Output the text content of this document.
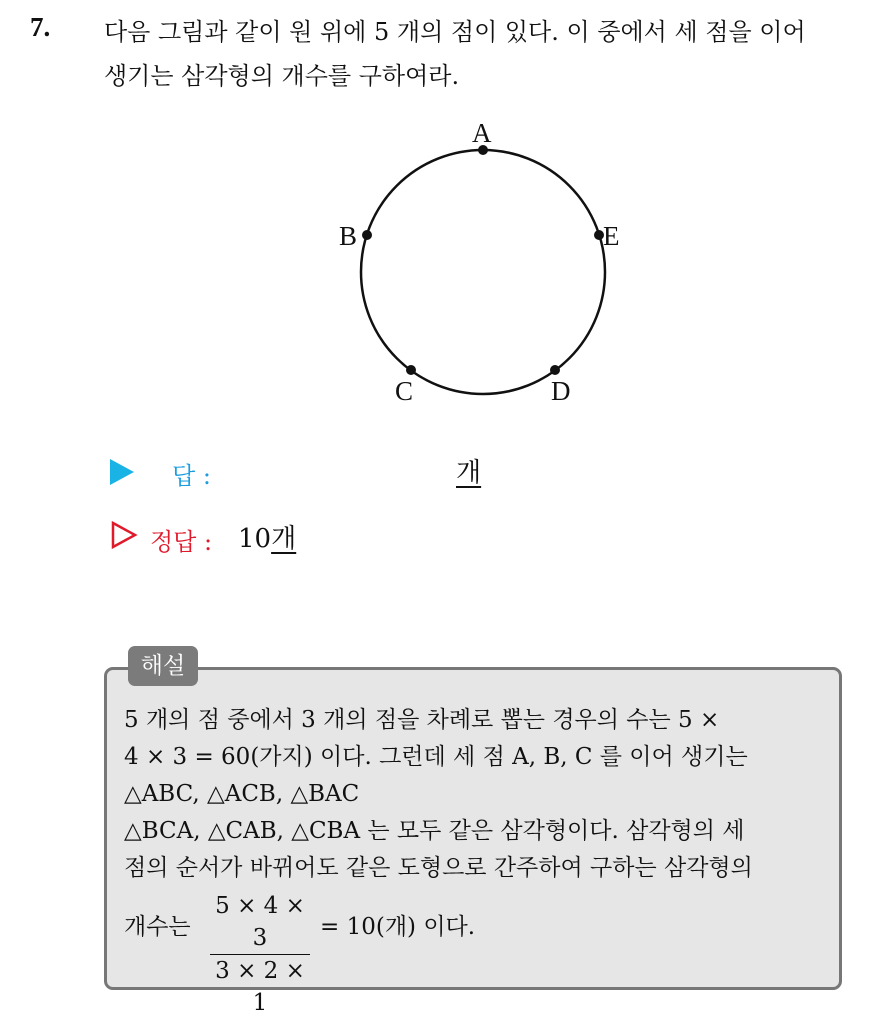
7. 다음 그림과 같이 원 위에 5 개의 점이 있다. 이 중에서 세 점을 이어
생기는 삼각형의 개수를 구하여라.
A
B
C	D
E
답 :	개
정답 : 10개
해설
5 개의 점 중에서 3 개의 점을 차례로 뽑는 경우의 수는 5 ×
4 × 3 = 60(가지) 이다. 그런데 세 점 A, B, C 를 이어 생기는
△ABC, △ACB, △BAC
△BCA, △CAB, △CBA 는 모두 같은 삼각형이다. 삼각형의 세
점의 순서가 바뀌어도 같은 도형으로 간주하여 구하는 삼각형의
개수는
5 × 4 × 3
3 × 2 × 1
= 10(개) 이다.
